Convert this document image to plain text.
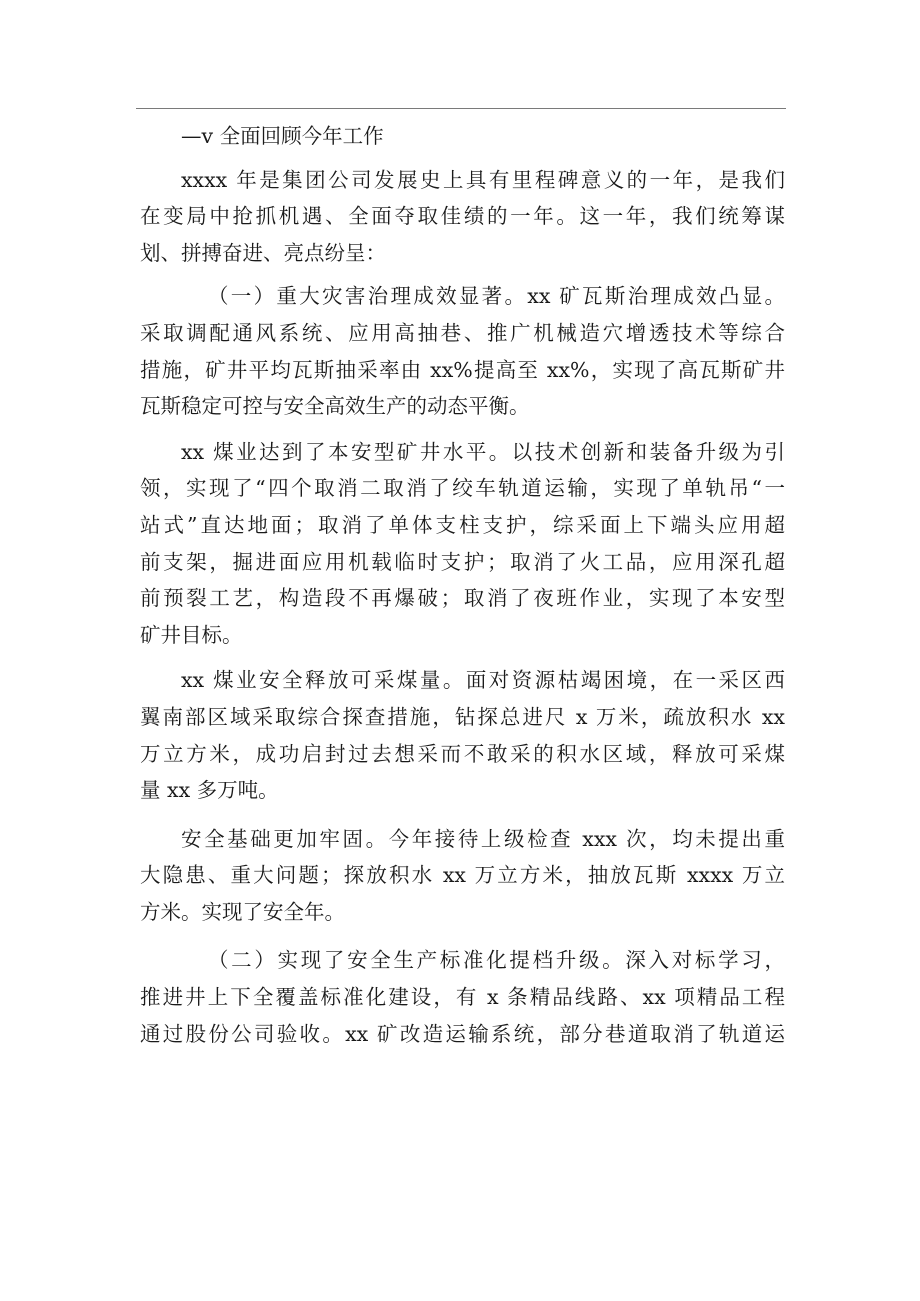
—v 全面回顾今年工作
xxxx 年是集团公司发展史上具有里程碑意义的一年，是我们
在变局中抢抓机遇、全面夺取佳绩的一年。这一年，我们统筹谋
划、拼搏奋进、亮点纷呈：
（一）重大灾害治理成效显著。xx 矿瓦斯治理成效凸显。
采取调配通风系统、应用高抽巷、推广机械造穴增透技术等综合
措施，矿井平均瓦斯抽采率由 xx%提高至 xx%，实现了高瓦斯矿井
瓦斯稳定可控与安全高效生产的动态平衡。
xx 煤业达到了本安型矿井水平。以技术创新和装备升级为引
领，实现了“四个取消二取消了绞车轨道运输，实现了单轨吊“一
站式”直达地面；取消了单体支柱支护，综采面上下端头应用超
前支架，掘进面应用机载临时支护；取消了火工品，应用深孔超
前预裂工艺，构造段不再爆破；取消了夜班作业，实现了本安型
矿井目标。
xx 煤业安全释放可采煤量。面对资源枯竭困境，在一采区西
翼南部区域采取综合探查措施，钻探总进尺 x 万米，疏放积水 xx
万立方米，成功启封过去想采而不敢采的积水区域，释放可采煤
量 xx 多万吨。
安全基础更加牢固。今年接待上级检查 xxx 次，均未提出重
大隐患、重大问题；探放积水 xx 万立方米，抽放瓦斯 xxxx 万立
方米。实现了安全年。
（二）实现了安全生产标准化提档升级。深入对标学习，
推进井上下全覆盖标准化建设，有 x 条精品线路、xx 项精品工程
通过股份公司验收。xx 矿改造运输系统，部分巷道取消了轨道运
